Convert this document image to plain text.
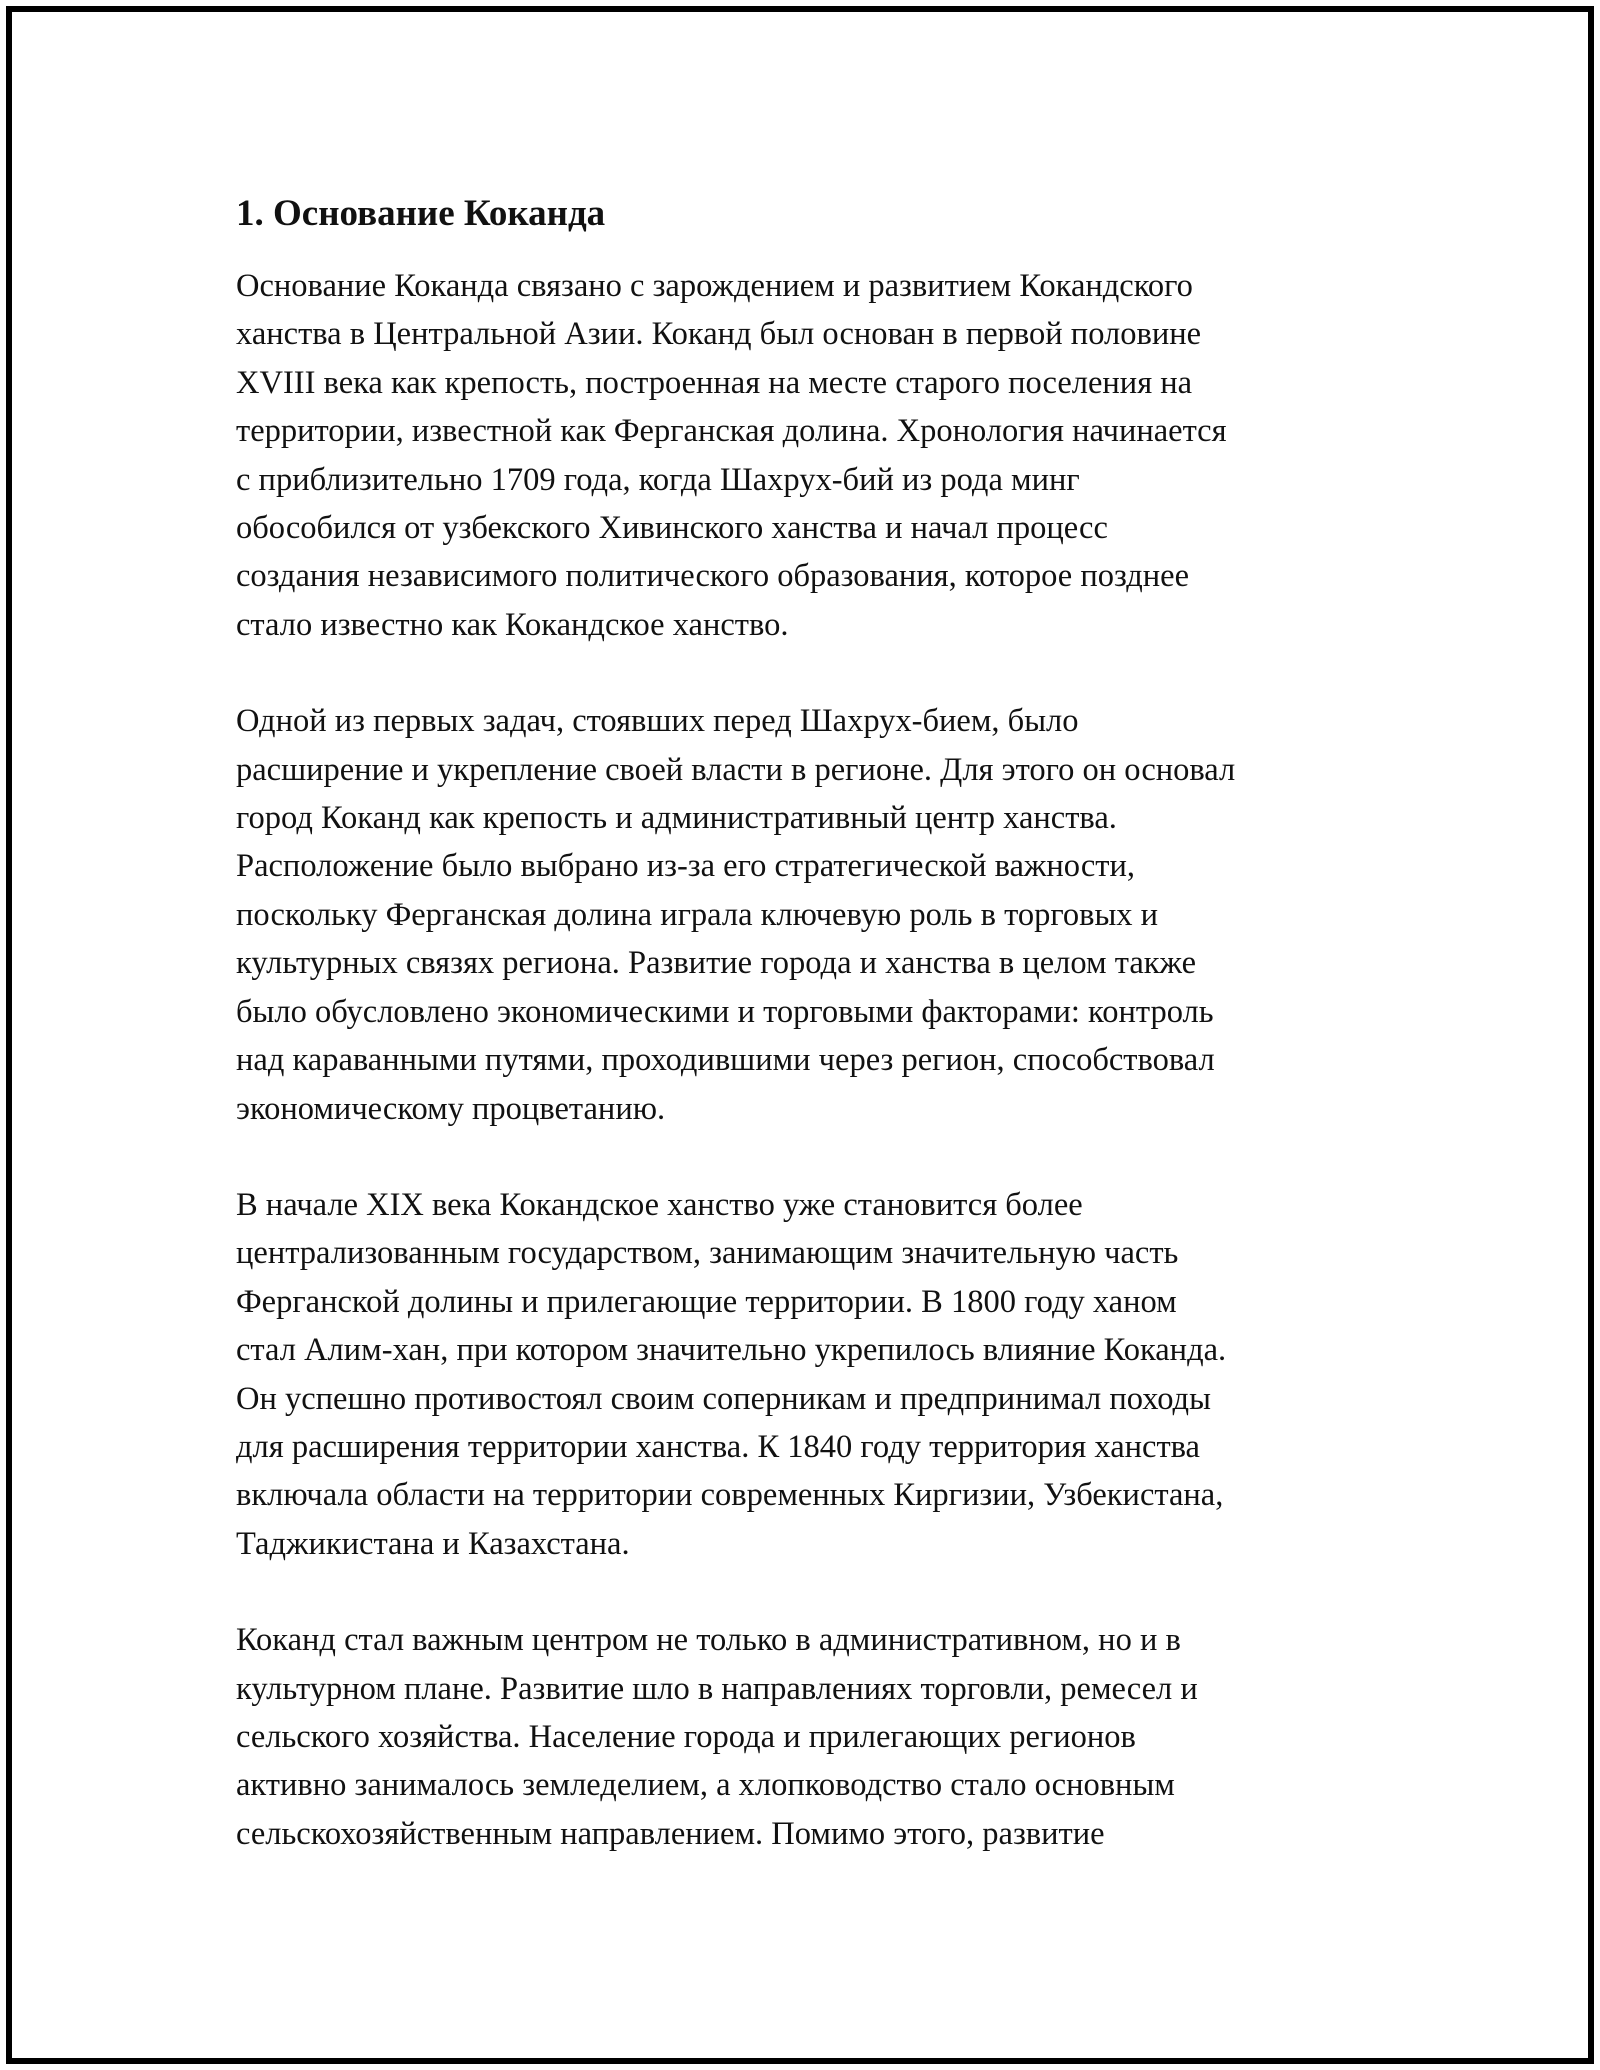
1. Основание Коканда

Основание Коканда связано с зарождением и развитием Кокандского
ханства в Центральной Азии. Коканд был основан в первой половине
XVIII века как крепость, построенная на месте старого поселения на
территории, известной как Ферганская долина. Хронология начинается
с приблизительно 1709 года, когда Шахрух-бий из рода минг
обособился от узбекского Хивинского ханства и начал процесс
создания независимого политического образования, которое позднее
стало известно как Кокандское ханство.

Одной из первых задач, стоявших перед Шахрух-бием, было
расширение и укрепление своей власти в регионе. Для этого он основал
город Коканд как крепость и административный центр ханства.
Расположение было выбрано из-за его стратегической важности,
поскольку Ферганская долина играла ключевую роль в торговых и
культурных связях региона. Развитие города и ханства в целом также
было обусловлено экономическими и торговыми факторами: контроль
над караванными путями, проходившими через регион, способствовал
экономическому процветанию.

В начале XIX века Кокандское ханство уже становится более
централизованным государством, занимающим значительную часть
Ферганской долины и прилегающие территории. В 1800 году ханом
стал Алим-хан, при котором значительно укрепилось влияние Коканда.
Он успешно противостоял своим соперникам и предпринимал походы
для расширения территории ханства. К 1840 году территория ханства
включала области на территории современных Киргизии, Узбекистана,
Таджикистана и Казахстана.

Коканд стал важным центром не только в административном, но и в
культурном плане. Развитие шло в направлениях торговли, ремесел и
сельского хозяйства. Население города и прилегающих регионов
активно занималось земледелием, а хлопководство стало основным
сельскохозяйственным направлением. Помимо этого, развитие
